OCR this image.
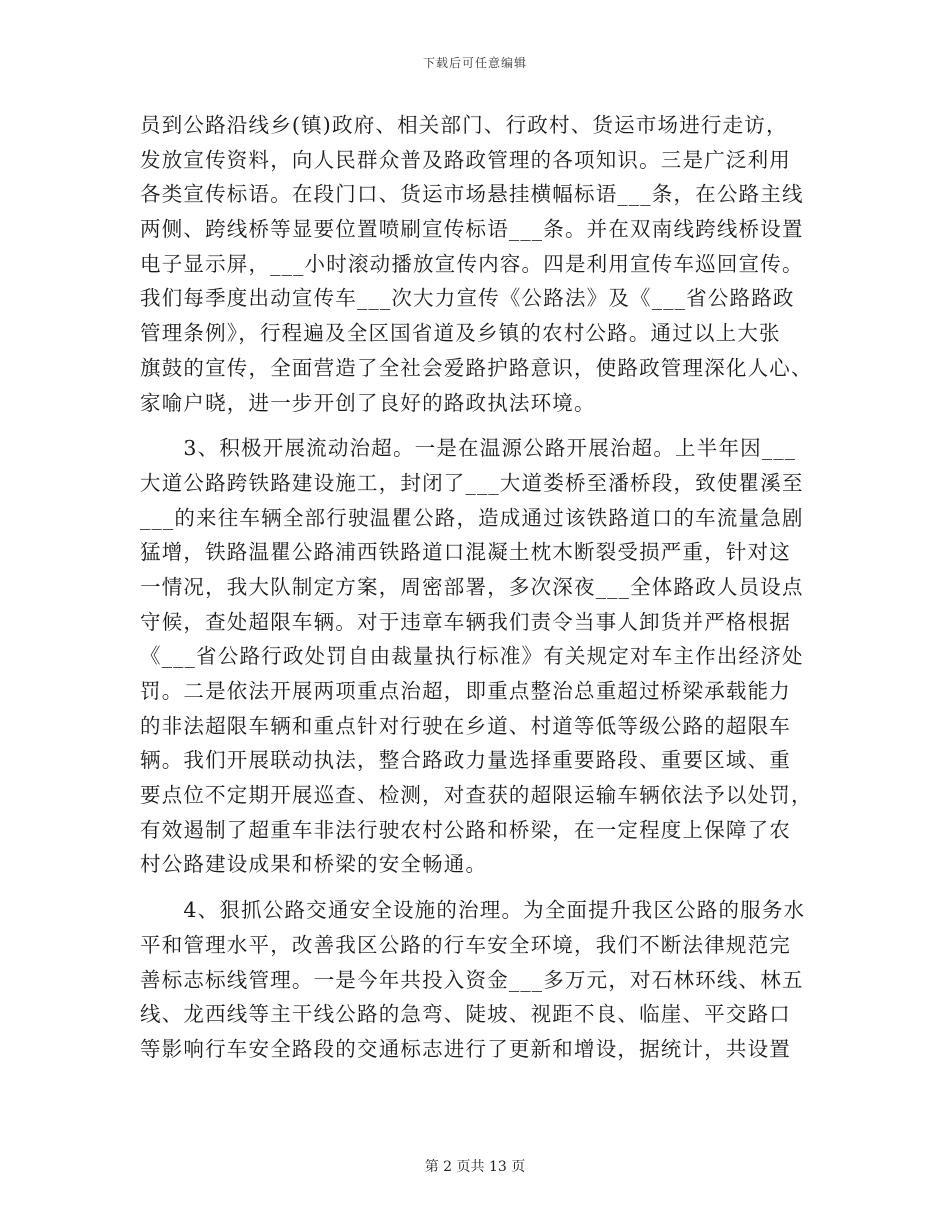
下载后可任意编辑
员到公路沿线乡(镇)政府、相关部门、行政村、货运市场进行走访，
发放宣传资料，向人民群众普及路政管理的各项知识。三是广泛利用
各类宣传标语。在段门口、货运市场悬挂横幅标语___条，在公路主线
两侧、跨线桥等显要位置喷刷宣传标语___条。并在双南线跨线桥设置
电子显示屏，___小时滚动播放宣传内容。四是利用宣传车巡回宣传。
我们每季度出动宣传车___次大力宣传《公路法》及《___省公路路政
管理条例》，行程遍及全区国省道及乡镇的农村公路。通过以上大张
旗鼓的宣传，全面营造了全社会爱路护路意识，使路政管理深化人心、
家喻户晓，进一步开创了良好的路政执法环境。
　　3、积极开展流动治超。一是在温源公路开展治超。上半年因___
大道公路跨铁路建设施工，封闭了___大道娄桥至潘桥段，致使瞿溪至
___的来往车辆全部行驶温瞿公路，造成通过该铁路道口的车流量急剧
猛增，铁路温瞿公路浦西铁路道口混凝土枕木断裂受损严重，针对这
一情况，我大队制定方案，周密部署，多次深夜___全体路政人员设点
守候，查处超限车辆。对于违章车辆我们责令当事人卸货并严格根据
《___省公路行政处罚自由裁量执行标准》有关规定对车主作出经济处
罚。二是依法开展两项重点治超，即重点整治总重超过桥梁承载能力
的非法超限车辆和重点针对行驶在乡道、村道等低等级公路的超限车
辆。我们开展联动执法，整合路政力量选择重要路段、重要区域、重
要点位不定期开展巡查、检测，对查获的超限运输车辆依法予以处罚，
有效遏制了超重车非法行驶农村公路和桥梁，在一定程度上保障了农
村公路建设成果和桥梁的安全畅通。
　　4、狠抓公路交通安全设施的治理。为全面提升我区公路的服务水
平和管理水平，改善我区公路的行车安全环境，我们不断法律规范完
善标志标线管理。一是今年共投入资金___多万元，对石林环线、林五
线、龙西线等主干线公路的急弯、陡坡、视距不良、临崖、平交路口
等影响行车安全路段的交通标志进行了更新和增设，据统计，共设置
第 2 页共 13 页
